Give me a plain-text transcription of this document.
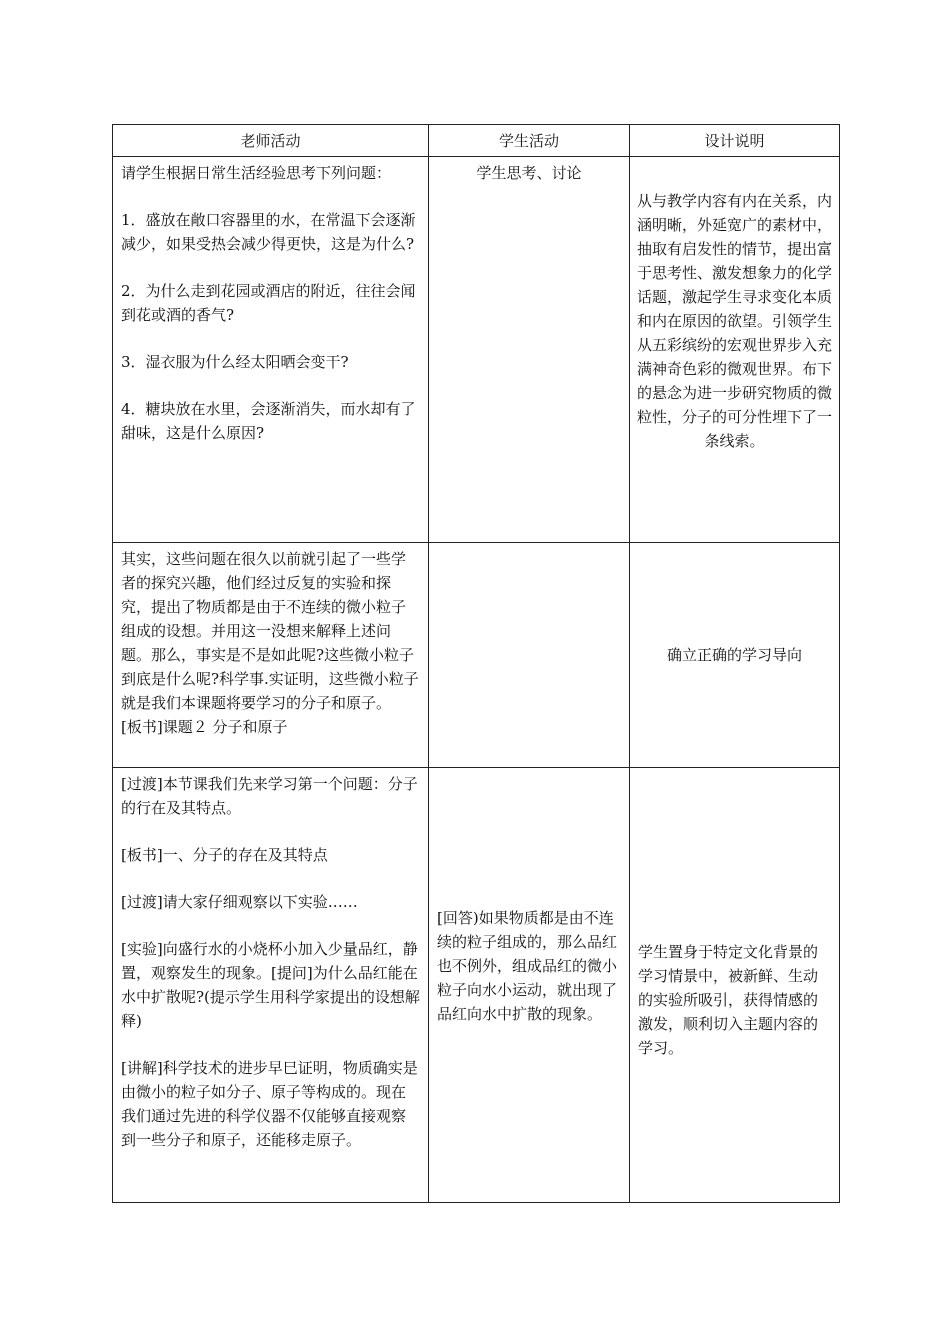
老师活动	学生活动	设计说明

请学生根据日常生活经验思考下列问题：

1．盛放在敞口容器里的水，在常温下会逐渐减少，如果受热会减少得更快，这是为什么?

2．为什么走到花园或酒店的附近，往往会闻到花或酒的香气?

3．湿衣服为什么经太阳晒会变干?

4．糖块放在水里，会逐渐消失，而水却有了甜味，这是什么原因?	学生思考、讨论	从与教学内容有内在关系，内涵明晰，外延宽广的素材中，抽取有启发性的情节，提出富于思考性、激发想象力的化学话题，激起学生寻求变化本质和内在原因的欲望。引领学生从五彩缤纷的宏观世界步入充满神奇色彩的微观世界。布下的悬念为进一步研究物质的微粒性，分子的可分性埋下了一条线索。

其实，这些问题在很久以前就引起了一些学者的探究兴趣，他们经过反复的实验和探究，提出了物质都是由于不连续的微小粒子组成的设想。并用这一没想来解释上述问题。那么，事实是不是如此呢?这些微小粒子到底是什么呢?科学事.实证明，这些微小粒子就是我们本课题将要学习的分子和原子。
[板书]课题２ 分子和原子		确立正确的学习导向

[过渡]本节课我们先来学习第一个问题：分子的行在及其特点。

[板书]一、分子的存在及其特点

[过渡]请大家仔细观察以下实验……

[实验]向盛行水的小烧杯小加入少量品红，静置，观察发生的现象。[提问]为什么品红能在水中扩散呢?(提示学生用科学家提出的设想解释)

[讲解]科学技术的进步早巳证明，物质确实是由微小的粒子如分子、原子等构成的。现在我们通过先进的科学仪器不仅能够直接观察到一些分子和原子，还能移走原子。	[回答)如果物质都是由不连续的粒子组成的，那么品红也不例外，组成品红的微小粒子向水小运动，就出现了品红向水中扩散的现象。	学生置身于特定文化背景的学习情景中，被新鲜、生动的实验所吸引，获得情感的激发，顺利切入主题内容的学习。
